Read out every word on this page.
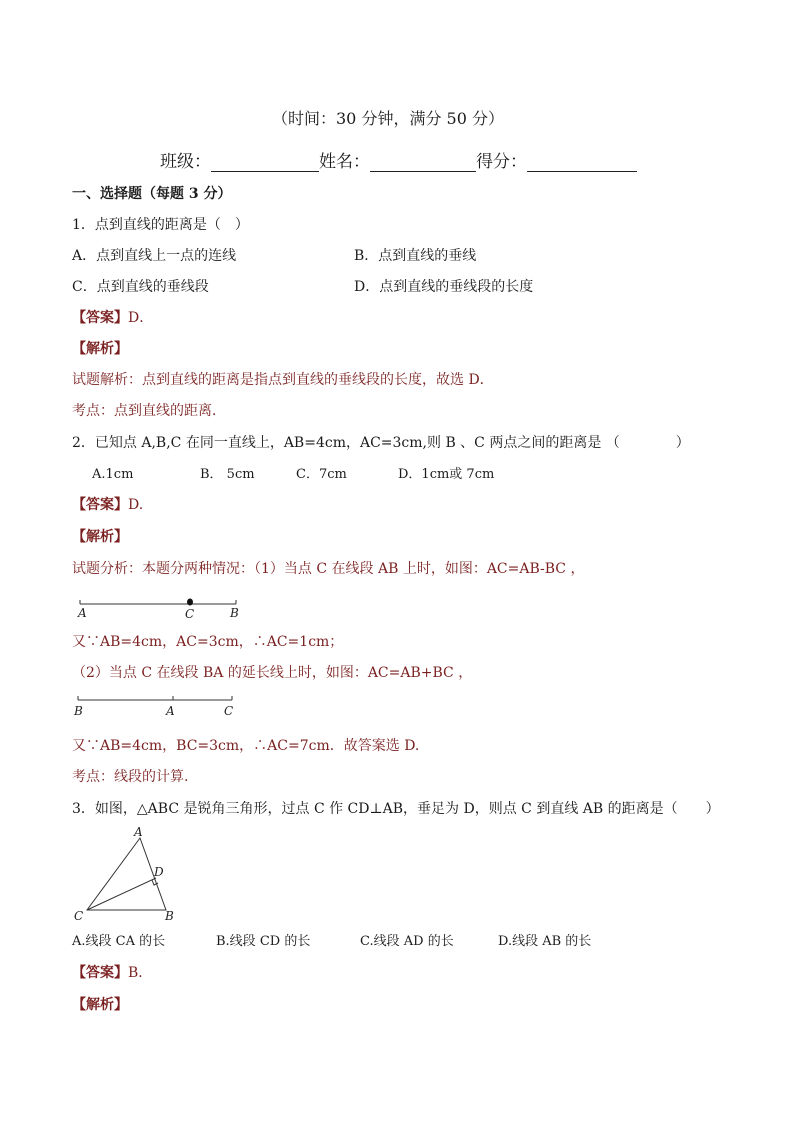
（时间：30 分钟，满分 50 分）
班级：	姓名：	得分：
一、选择题（每题 3 分）
1．点到直线的距离是（　）
A．点到直线上一点的连线	B．点到直线的垂线
C．点到直线的垂线段	D．点到直线的垂线段的长度
【答案】D．
【解析】
试题解析：点到直线的距离是指点到直线的垂线段的长度，故选 D．
考点：点到直线的距离．
2．已知点 A,B,C 在同一直线上，AB=4cm，AC=3cm,则 B 、C 两点之间的距离是 （　　　　）
A.1cm	B． 5cm	C．7cm	D．1cm或 7cm
【答案】D.
【解析】
试题分析：本题分两种情况：（1）当点 C 在线段 AB 上时，如图：AC=AB-BC ，
A	C	B
又∵AB=4cm，AC=3cm，∴AC=1cm；
（2）当点 C 在线段 BA 的延长线上时，如图：AC=AB+BC ，
B	A	C
又∵AB=4cm，BC=3cm，∴AC=7cm．故答案选 D.
考点：线段的计算.
3．如图，△ABC 是锐角三角形，过点 C 作 CD⊥AB，垂足为 D，则点 C 到直线 AB 的距离是（　　）
A
D
C	B
A.线段 CA 的长	B.线段 CD 的长	C.线段 AD 的长	D.线段 AB 的长
【答案】B．
【解析】
